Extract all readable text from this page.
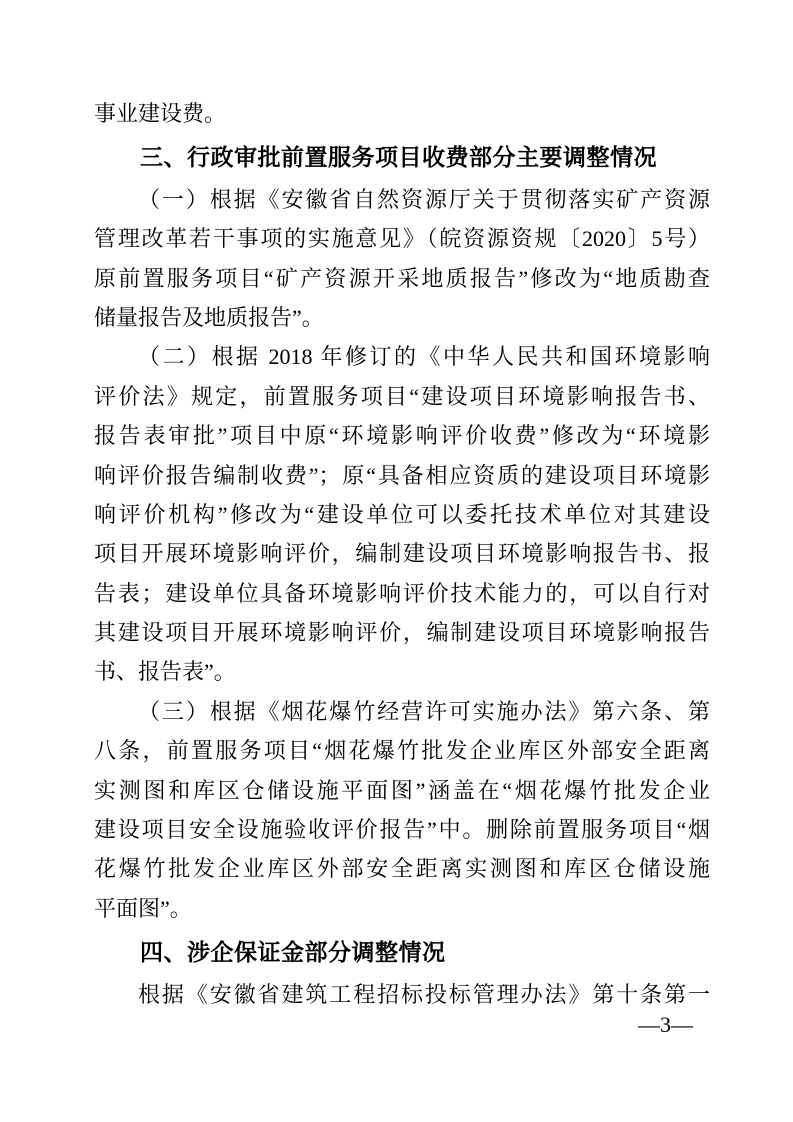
事业建设费。
三、行政审批前置服务项目收费部分主要调整情况
（一）根据《安徽省自然资源厅关于贯彻落实矿产资源
管理改革若干事项的实施意见》（皖资源资规〔2020〕5号）
原前置服务项目“矿产资源开采地质报告”修改为“地质勘查
储量报告及地质报告”。
（二）根据 2018 年修订的《中华人民共和国环境影响
评价法》规定，前置服务项目“建设项目环境影响报告书、
报告表审批”项目中原“环境影响评价收费”修改为“环境影
响评价报告编制收费”；原“具备相应资质的建设项目环境影
响评价机构”修改为“建设单位可以委托技术单位对其建设
项目开展环境影响评价，编制建设项目环境影响报告书、报
告表；建设单位具备环境影响评价技术能力的，可以自行对
其建设项目开展环境影响评价，编制建设项目环境影响报告
书、报告表”。
（三）根据《烟花爆竹经营许可实施办法》第六条、第
八条，前置服务项目“烟花爆竹批发企业库区外部安全距离
实测图和库区仓储设施平面图”涵盖在“烟花爆竹批发企业
建设项目安全设施验收评价报告”中。删除前置服务项目“烟
花爆竹批发企业库区外部安全距离实测图和库区仓储设施
平面图”。
四、涉企保证金部分调整情况
根据《安徽省建筑工程招标投标管理办法》第十条第一
—3—
